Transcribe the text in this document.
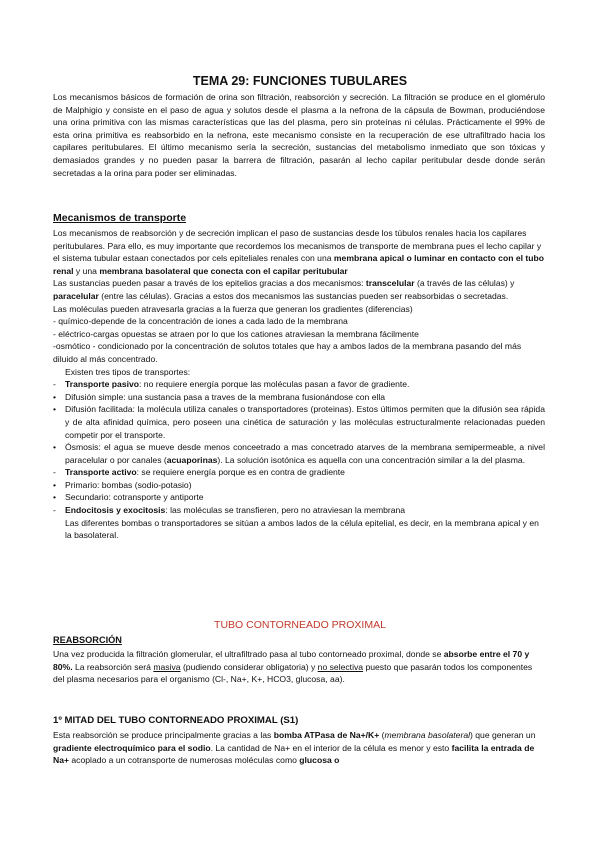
TEMA 29: FUNCIONES TUBULARES

Los mecanismos básicos de formación de orina son filtración, reabsorción y secreción. La filtración se produce en el glomérulo de Malphigio y consiste en el paso de agua y solutos desde el plasma a la nefrona de la cápsula de Bowman, produciéndose una orina primitiva con las mismas características que las del plasma, pero sin proteínas ni células. Prácticamente el 99% de esta orina primitiva es reabsorbido en la nefrona, este mecanismo consiste en la recuperación de ese ultrafiltrado hacia los capilares peritubulares. El último mecanismo sería la secreción, sustancias del metabolismo inmediato que son tóxicas y demasiados grandes y no pueden pasar la barrera de filtración, pasarán al lecho capilar peritubular desde donde serán secretadas a la orina para poder ser eliminadas.

Mecanismos de transporte

Los mecanismos de reabsorción y de secreción implican el paso de sustancias desde los túbulos renales hacia los capilares peritubulares. Para ello, es muy importante que recordemos los mecanismos de transporte de membrana pues el lecho capilar y el sistema tubular estaan conectados por cels epiteliales renales con una membrana apical o luminar en contacto con el tubo renal y una membrana basolateral que conecta con el capilar peritubular

Las sustancias pueden pasar a través de los epitelios gracias a dos mecanismos: transcelular (a través de las células) y paracelular (entre las células). Gracias a estos dos mecanismos las sustancias pueden ser reabsorbidas o secretadas.

Las moléculas pueden atravesarla gracias a la fuerza que generan los gradientes (diferencias)

- químico-depende de la concentración de iones a cada lado de la membrana

- eléctrico-cargas opuestas se atraen por lo que los cationes atraviesan la membrana fácilmente

-osmótico - condicionado por la concentración de solutos totales que hay a ambos lados de la membrana pasando del más diluido al más concentrado.

Existen tres tipos de transportes:

- Transporte pasivo: no requiere energía porque las moléculas pasan a favor de gradiente.

• Difusión simple: una sustancia pasa a traves de la membrana fusionándose con ella

• Difusión facilitada: la molécula utiliza canales o transportadores (proteinas). Estos últimos permiten que la difusión sea rápida y de alta afinidad química, pero poseen una cinética de saturación y las moléculas estructuralmente relacionadas pueden competir por el transporte.

• Ósmosis: el agua se mueve desde menos conceetrado a mas concetrado atarves de la membrana semipermeable, a nivel paracelular o por canales (acuaporinas). La solución isotónica es aquella con una concentración similar a la del plasma.

- Transporte activo: se requiere energía porque es en contra de gradiente

• Primario: bombas (sodio-potasio)

• Secundario: cotransporte y antiporte

- Endocitosis y exocitosis: las moléculas se transfieren, pero no atraviesan la membrana

Las diferentes bombas o transportadores se sitúan a ambos lados de la célula epitelial, es decir, en la membrana apical y en la basolateral.

TUBO CONTORNEADO PROXIMAL
REABSORCIÓN

Una vez producida la filtración glomerular, el ultrafiltrado pasa al tubo contorneado proximal, donde se absorbe entre el 70 y 80%. La reabsorción será masiva (pudiendo considerar obligatoria) y no selectiva puesto que pasarán todos los componentes del plasma necesarios para el organismo (Cl-, Na+, K+, HCO3, glucosa, aa).

1º MITAD DEL TUBO CONTORNEADO PROXIMAL (S1)

Esta reabsorción se produce principalmente gracias a las bomba ATPasa de Na+/K+ (membrana basolateral) que generan un gradiente electroquímico para el sodio. La cantidad de Na+ en el interior de la célula es menor y esto facilita la entrada de Na+ acoplado a un cotransporte de numerosas moléculas como glucosa o
